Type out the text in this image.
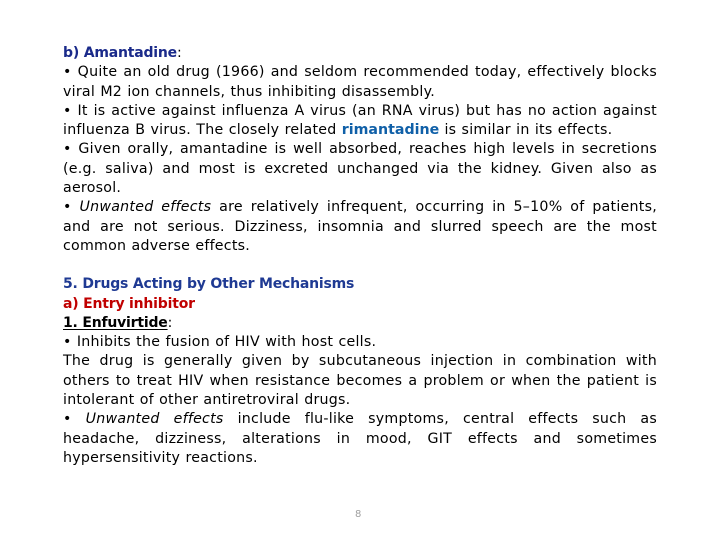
b) Amantadine:

• Quite an old drug (1966) and seldom recommended today, effectively blocks viral M2 ion channels, thus inhibiting disassembly.

• It is active against influenza A virus (an RNA virus) but has no action against influenza B virus. The closely related rimantadine is similar in its effects.

• Given orally, amantadine is well absorbed, reaches high levels in secretions (e.g. saliva) and most is excreted unchanged via the kidney. Given also as aerosol.

• Unwanted effects are relatively infrequent, occurring in 5–10% of patients, and are not serious. Dizziness, insomnia and slurred speech are the most common adverse effects.

5. Drugs Acting by Other Mechanisms
a) Entry inhibitor
1. Enfuvirtide:

• Inhibits the fusion of HIV with host cells.

The drug is generally given by subcutaneous injection in combination with others to treat HIV when resistance becomes a problem or when the patient is intolerant of other antiretroviral drugs.

• Unwanted effects include flu-like symptoms, central effects such as headache, dizziness, alterations in mood, GIT effects and sometimes hypersensitivity reactions.

8
